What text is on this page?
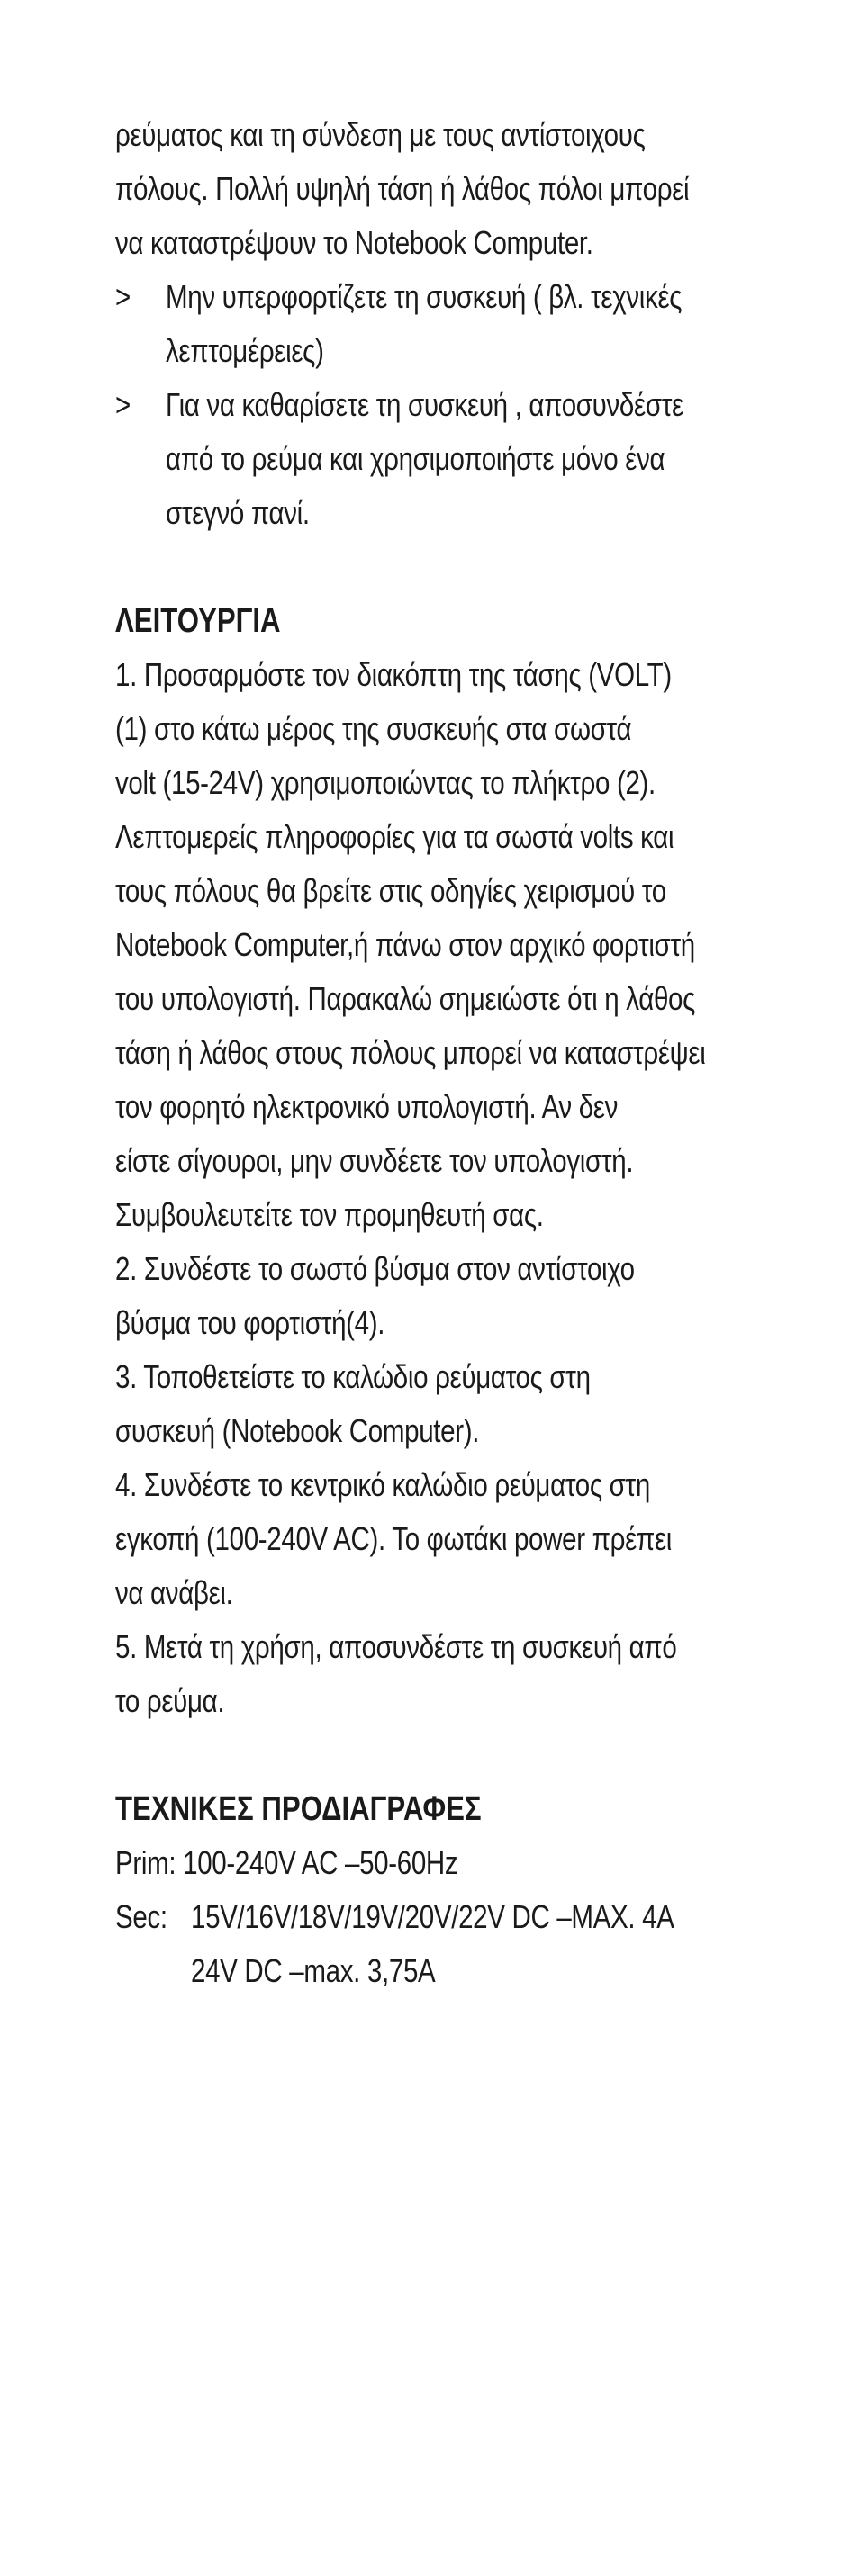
ρεύματος και τη σύνδεση με τους αντίστοιχους
πόλους. Πολλή υψηλή τάση ή λάθος πόλοι μπορεί
να καταστρέψουν το Notebook Computer.
>	Μην υπερφορτίζετε τη συσκευή ( βλ. τεχνικές
λεπτομέρειες)
>	Για να καθαρίσετε τη συσκευή , αποσυνδέστε
από το ρεύμα και χρησιμοποιήστε μόνο ένα
στεγνό πανί.
ΛΕΙΤΟΥΡΓΙΑ
1. Προσαρμόστε τον διακόπτη της τάσης (VOLT)
(1) στο κάτω μέρος της συσκευής στα σωστά
volt (15-24V) χρησιμοποιώντας το πλήκτρο (2).
Λεπτομερείς πληροφορίες για τα σωστά volts και
τους πόλους θα βρείτε στις οδηγίες χειρισμού το
Notebook Computer,ή πάνω στον αρχικό φορτιστή
του υπολογιστή. Παρακαλώ σημειώστε ότι η λάθος
τάση ή λάθος στους πόλους μπορεί να καταστρέψει
τον φορητό ηλεκτρονικό υπολογιστή. Αν δεν
είστε σίγουροι, μην συνδέετε τον υπολογιστή.
Συμβουλευτείτε τον προμηθευτή σας.
2. Συνδέστε το σωστό βύσμα στον αντίστοιχο
βύσμα του φορτιστή(4).
3. Τοποθετείστε το καλώδιο ρεύματος στη
συσκευή (Notebook Computer).
4. Συνδέστε το κεντρικό καλώδιο ρεύματος στη
εγκοπή (100-240V AC). Το φωτάκι power πρέπει
να ανάβει.
5. Μετά τη χρήση, αποσυνδέστε τη συσκευή από
το ρεύμα.
ΤΕΧΝΙΚΕΣ ΠΡΟΔΙΑΓΡΑΦΕΣ
Prim: 100-240V AC –50-60Hz
Sec: 15V/16V/18V/19V/20V/22V DC –MAX. 4A
24V DC –max. 3,75A
